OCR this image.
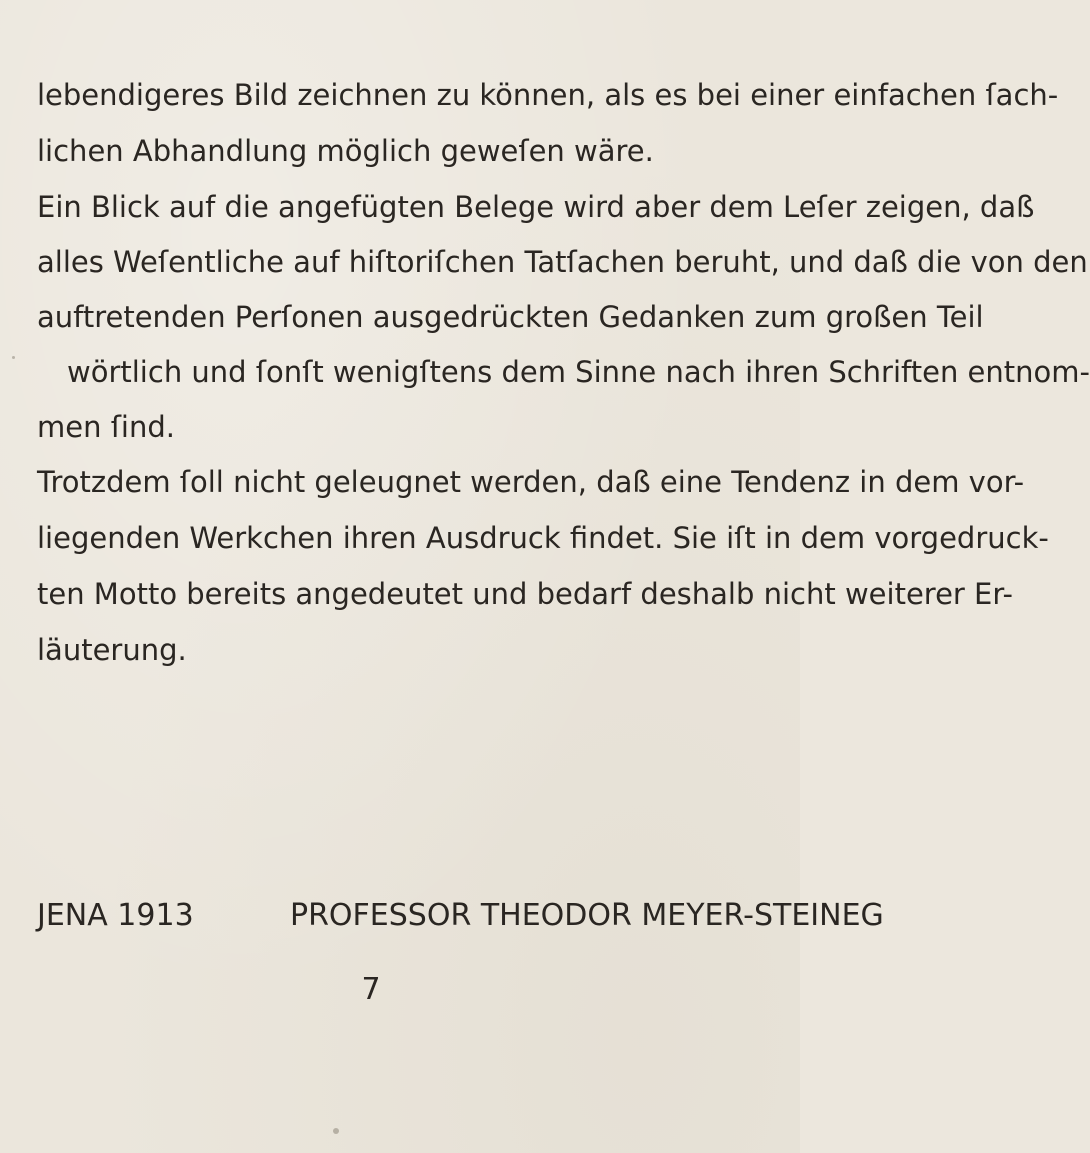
lebendigeres Bild zeichnen zu können, als es bei einer einfachen ſach-
lichen Abhandlung möglich geweſen wäre.
Ein Blick auf die angefügten Belege wird aber dem Leſer zeigen, daß
alles Weſentliche auf hiſtoriſchen Tatſachen beruht, und daß die von den
auftretenden Perſonen ausgedrückten Gedanken zum großen Teil
wörtlich und ſonſt wenigſtens dem Sinne nach ihren Schriften entnom-
men ſind.
Trotzdem ſoll nicht geleugnet werden, daß eine Tendenz in dem vor-
liegenden Werkchen ihren Ausdruck findet. Sie iſt in dem vorgedruck-
ten Motto bereits angedeutet und bedarf deshalb nicht weiterer Er-
läuterung.
JENA 1913	PROFESSOR THEODOR MEYER-STEINEG
7
